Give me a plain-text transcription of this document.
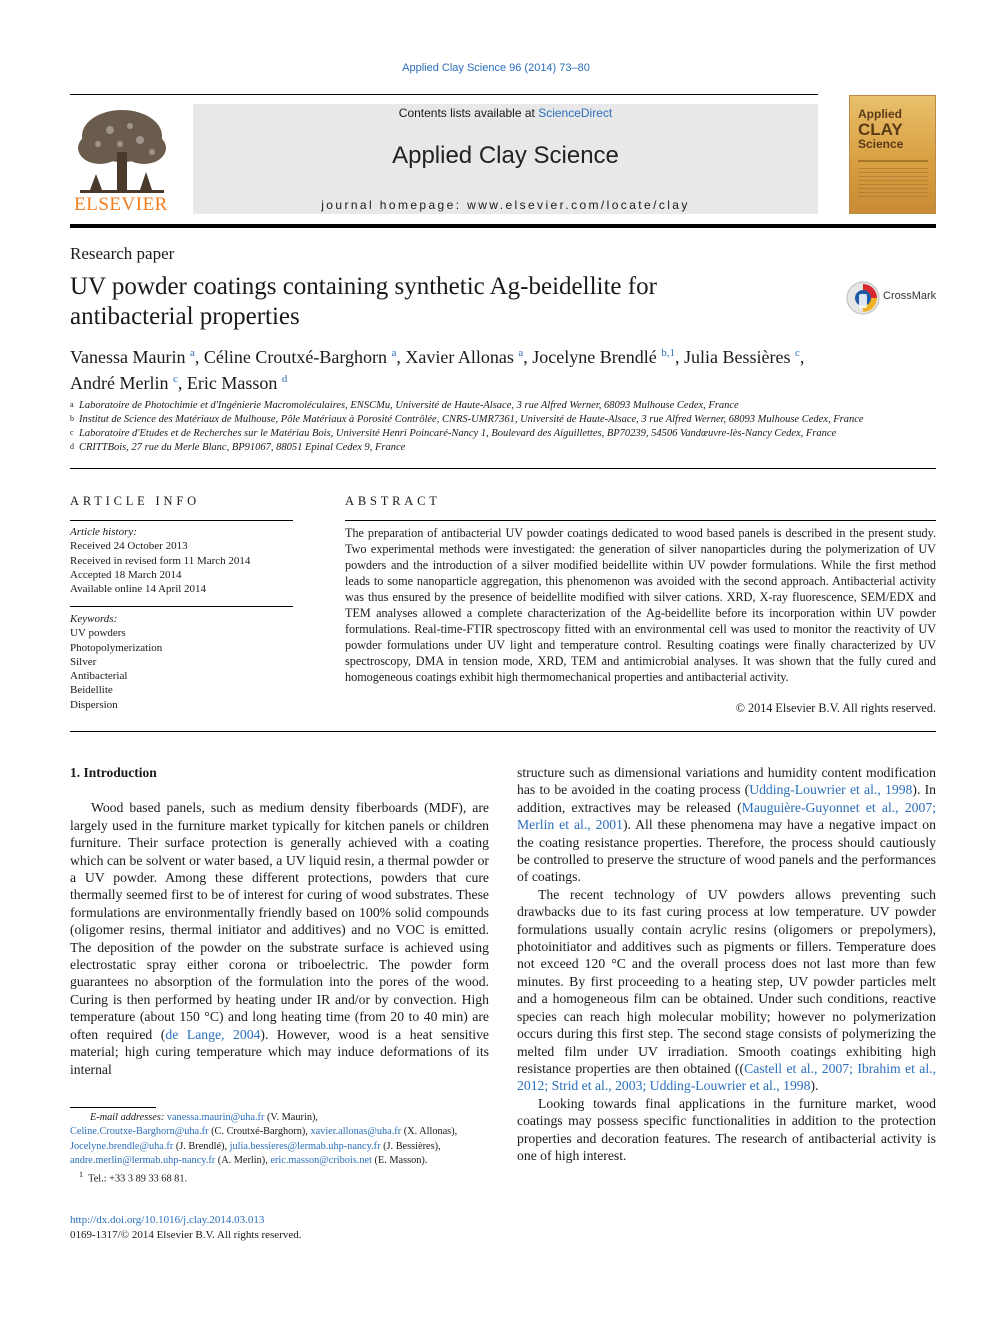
Applied Clay Science 96 (2014) 73–80
ELSEVIER
Contents lists available at ScienceDirect
Applied Clay Science
journal homepage: www.elsevier.com/locate/clay
Applied
CLAY
Science
Research paper
UV powder coatings containing synthetic Ag-beidellite for antibacterial properties
CrossMark
Vanessa Maurin $^a$, Céline Croutxé-Barghorn $^a$, Xavier Allonas $^a$, Jocelyne Brendlé $^{b,1}$, Julia Bessières $^c$,
André Merlin $^c$, Eric Masson $^d$
a Laboratoire de Photochimie et d'Ingénierie Macromoléculaires, ENSCMu, Université de Haute-Alsace, 3 rue Alfred Werner, 68093 Mulhouse Cedex, France
b Institut de Science des Matériaux de Mulhouse, Pôle Matériaux à Porosité Contrôlée, CNRS-UMR7361, Université de Haute-Alsace, 3 rue Alfred Werner, 68093 Mulhouse Cedex, France
c Laboratoire d'Etudes et de Recherches sur le Matériau Bois, Université Henri Poincaré-Nancy 1, Boulevard des Aiguillettes, BP70239, 54506 Vandœuvre-lès-Nancy Cedex, France
d CRITTBois, 27 rue du Merle Blanc, BP91067, 88051 Epinal Cedex 9, France
ARTICLE INFO	ABSTRACT
Article history:
Received 24 October 2013
Received in revised form 11 March 2014
Accepted 18 March 2014
Available online 14 April 2014
Keywords:
UV powders
Photopolymerization
Silver
Antibacterial
Beidellite
Dispersion
The preparation of antibacterial UV powder coatings dedicated to wood based panels is described in the present study. Two experimental methods were investigated: the generation of silver nanoparticles during the polymerization of UV powders and the introduction of a silver modified beidellite within UV powder formulations. While the first method leads to some nanoparticle aggregation, this phenomenon was avoided with the second approach. Antibacterial activity was thus ensured by the presence of beidellite modified with silver cations. XRD, X-ray fluorescence, SEM/EDX and TEM analyses allowed a complete characterization of the Ag-beidellite before its incorporation within UV powder formulations. Real-time-FTIR spectroscopy fitted with an environmental cell was used to monitor the reactivity of UV powder formulations under UV light and temperature control. Resulting coatings were finally characterized by UV spectroscopy, DMA in tension mode, XRD, TEM and antimicrobial analyses. It was shown that the fully cured and homogeneous coatings exhibit high thermomechanical properties and antibacterial activity.
© 2014 Elsevier B.V. All rights reserved.
1. Introduction

Wood based panels, such as medium density fiberboards (MDF), are largely used in the furniture market typically for kitchen panels or children furniture. Their surface protection is generally achieved with a coating which can be solvent or water based, a UV liquid resin, a thermal powder or a UV powder. Among these different protections, powders that cure thermally seemed first to be of interest for curing of wood substrates. These formulations are environmentally friendly based on 100% solid compounds (oligomer resins, thermal initiator and additives) and no VOC is emitted. The deposition of the powder on the substrate surface is achieved using electrostatic spray either corona or triboelectric. The powder form guarantees no absorption of the formulation into the pores of the wood. Curing is then performed by heating under IR and/or by convection. High temperature (about 150 °C) and long heating time (from 20 to 40 min) are often required (de Lange, 2004). However, wood is a heat sensitive material; high curing temperature which may induce deformations of its internal

structure such as dimensional variations and humidity content modification has to be avoided in the coating process (Udding-Louwrier et al., 1998). In addition, extractives may be released (Mauguière-Guyonnet et al., 2007; Merlin et al., 2001). All these phenomena may have a negative impact on the coating resistance properties. Therefore, the process should cautiously be controlled to preserve the structure of wood panels and the performances of coatings.

The recent technology of UV powders allows preventing such drawbacks due to its fast curing process at low temperature. UV powder formulations usually contain acrylic resins (oligomers or prepolymers), photoinitiator and additives such as pigments or fillers. Temperature does not exceed 120 °C and the overall process does not last more than few minutes. By first proceeding to a heating step, UV powder particles melt and a homogeneous film can be obtained. Under such conditions, reactive species can reach high molecular mobility; however no polymerization occurs during this first step. The second stage consists of polymerizing the melted film under UV irradiation. Smooth coatings exhibiting high resistance properties are then obtained ((Castell et al., 2007; Ibrahim et al., 2012; Strid et al., 2003; Udding-Louwrier et al., 1998).

Looking towards final applications in the furniture market, wood coatings may possess specific functionalities in addition to the protection properties and decoration features. The research of antibacterial activity is one of high interest.

E-mail addresses: vanessa.maurin@uha.fr (V. Maurin),
Celine.Croutxe-Barghorn@uha.fr (C. Croutxé-Barghorn), xavier.allonas@uha.fr (X. Allonas),
Jocelyne.brendle@uha.fr (J. Brendlé), julia.bessieres@lermab.uhp-nancy.fr (J. Bessières),
andre.merlin@lermab.uhp-nancy.fr (A. Merlin), eric.masson@cribois.net (E. Masson).
$^1$ Tel.: +33 3 89 33 68 81.
http://dx.doi.org/10.1016/j.clay.2014.03.013
0169-1317/© 2014 Elsevier B.V. All rights reserved.
